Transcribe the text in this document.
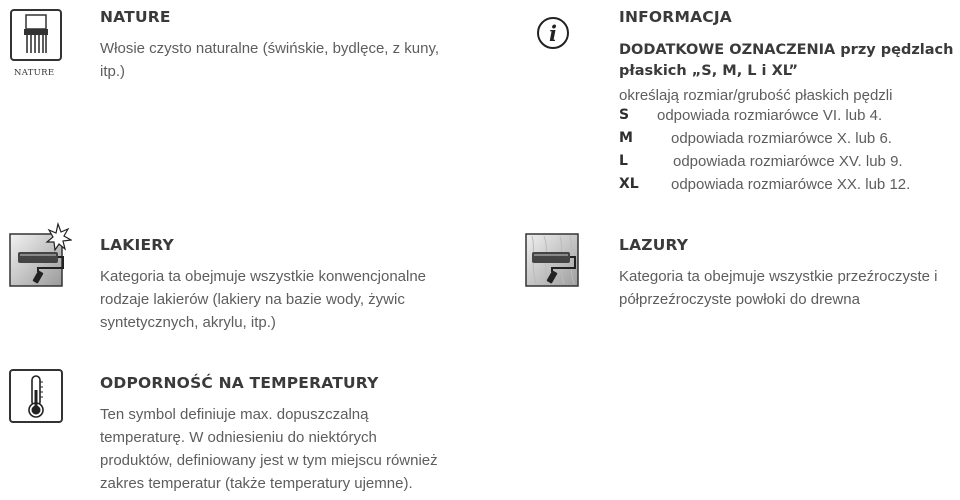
NATURE
NATURE
Włosie czysto naturalne (świńskie, bydlęce, z kuny,
itp.)
i
INFORMACJA
DODATKOWE OZNACZENIA przy pędzlach
płaskich „S, M, L i XL”
określają rozmiar/grubość płaskich pędzli
S odpowiada rozmiarówce VI. lub 4.
M	odpowiada rozmiarówce X. lub 6.
L	odpowiada rozmiarówce XV. lub 9.
XL odpowiada rozmiarówce XX. lub 12.
LAKIERY
Kategoria ta obejmuje wszystkie konwencjonalne
rodzaje lakierów (lakiery na bazie wody, żywic
syntetycznych, akrylu, itp.)
LAZURY
Kategoria ta obejmuje wszystkie przeźroczyste i
półprzeźroczyste powłoki do drewna
ODPORNOŚĆ NA TEMPERATURY
Ten symbol definiuje max. dopuszczalną
temperaturę. W odniesieniu do niektórych
produktów, definiowany jest w tym miejscu również
zakres temperatur (także temperatury ujemne).
